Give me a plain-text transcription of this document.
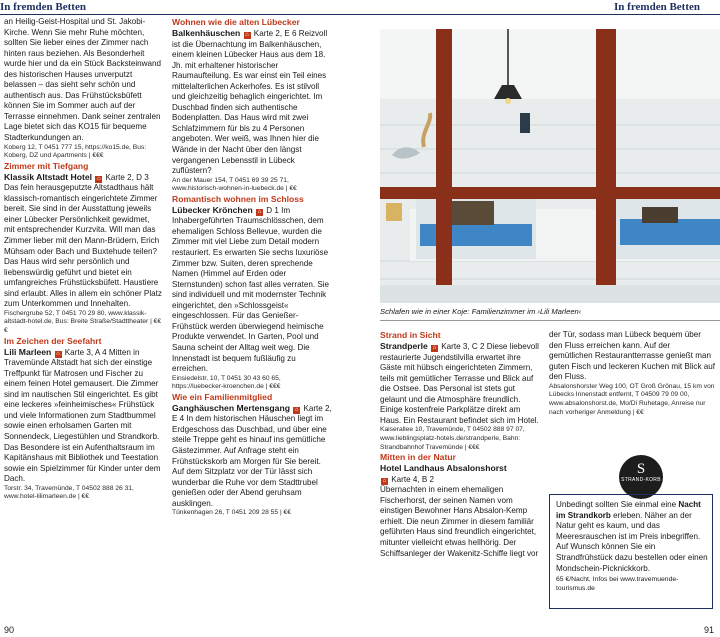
In fremden Betten	In fremden Betten

an Heilig-Geist-Hospital und St. Jakobi-Kirche. Wenn Sie mehr Ruhe möchten, sollten Sie lieber eines der Zimmer nach hinten raus beziehen. Als Besonderheit wurde hier und da ein Stück Backsteinwand des historischen Hauses unverputzt belassen – das sieht sehr schön und authentisch aus. Das Frühstücksbüfett können Sie im Sommer auch auf der Terrasse einnehmen. Dank seiner zentralen Lage bietet sich das KO15 für bequeme Stadterkundungen an.

Koberg 12, T 0451 777 15, https://ko15.de, Bus: Koberg, DZ und Apartments | €€€

Zimmer mit Tiefgang

Klassik Altstadt Hotel ⌂ Karte 2, D 3 Das fein herausgeputzte Altstadthaus hält klassisch-romantisch eingerichtete Zimmer bereit. Sie sind in der Ausstattung jeweils einer Lübecker Persönlichkeit gewidmet, mit entsprechender Kurzvita. Will man das Zimmer lieber mit den Mann-Brüdern, Erich Mühsam oder Bach und Buxtehude teilen? Das Haus wird sehr persönlich und liebenswürdig geführt und bietet ein umfangreiches Frühstücksbüfett. Haustiere sind erlaubt. Alles in allem ein schöner Platz zum Unterkommen und Innehalten.

Fischergrube 52, T 0451 70 29 80, www.klassik-altstadt-hotel.de, Bus: Breite Straße/Stadttheater | €€€

Im Zeichen der Seefahrt

Lili Marleen ⌂ Karte 3, A 4 Mitten in Travemünde Altstadt hat sich der einstige Treffpunkt für Matrosen und Fischer zu einem feinen Hotel gemausert. Die Zimmer sind im nautischen Stil eingerichtet. Es gibt eine leckeres »feinheimisches« Frühstück und viele Informationen zum Stadtbummel sowie einen erholsamen Garten mit Sonnendeck, Liegestühlen und Strandkorb. Das Besondere ist ein Aufenthaltsraum im Kapitänshaus mit Bibliothek und Teestation sowie ein Spielzimmer für Kinder unter dem Dach.

Torstr. 34, Travemünde, T 04502 888 26 31, www.hotel-lilimarleen.de | €€

Wohnen wie die alten Lübecker

Balkenhäuschen ⌂ Karte 2, E 6 Reizvoll ist die Übernachtung im Balkenhäuschen, einem kleinen Lübecker Haus aus dem 18. Jh. mit erhaltener historischer Raumaufteilung. Es war einst ein Teil eines mittelalterlichen Ackerhofes. Es ist stilvoll und gleichzeitig behaglich eingerichtet. Im Duschbad finden sich authentische Bodenplatten. Das Haus wird mit zwei Schlafzimmern für bis zu 4 Personen angeboten. Wer weiß, was Ihnen hier die Wände in der Nacht über den längst vergangenen Lebensstil in Lübeck zuflüstern?

An der Mauer 154, T 0451 69 39 25 71, www.historisch-wohnen-in-luebeck.de | €€

Romantisch wohnen im Schloss

Lübecker Krönchen ⌂ D 1 Im Inhabergeführten Traumschlösschen, dem ehemaligen Schloss Bellevue, wurden die Zimmer mit viel Liebe zum Detail modern restauriert. Es erwarten Sie sechs luxuriöse Zimmer bzw. Suiten, deren sprechende Namen (Himmel auf Erden oder Sternstunden) schon fast alles verraten. Sie sind individuell und mit modernster Technik eingerichtet, den »Schlossgeist« eingeschlossen. Für das Genießer-Frühstück werden überwiegend heimische Produkte verwendet. In Garten, Pool und Sauna scheint der Alltag weit weg. Die Innenstadt ist bequem fußläufig zu erreichen.

Einsiedelstr. 10, T 0451 30 43 60 65, https://luebecker-kroenchen.de | €€€

Wie ein Familienmitglied

Ganghäuschen Mertensgang ⌂ Karte 2, E 4 In dem historischen Häuschen liegt im Erdgeschoss das Duschbad, und über eine steile Treppe geht es hinauf ins gemütliche Gästezimmer. Auf Anfrage steht ein Frühstückskorb am Morgen für Sie bereit. Auf dem Sitzplatz vor der Tür lässt sich wunderbar die Ruhe vor dem Stadttrubel genießen oder der Abend geruhsam ausklingen.

Tünkenhagen 26, T 0451 209 28 55 | €€

Schlafen wie in einer Koje: Familienzimmer im ›Lili Marleen‹

Strand in Sicht

Strandperle ⌂ Karte 3, C 2 Diese liebevoll restaurierte Jugendstilvilla erwartet ihre Gäste mit hübsch eingerichteten Zimmern, teils mit gemütlicher Terrasse und Blick auf die Ostsee. Das Personal ist stets gut gelaunt und die Atmosphäre freundlich. Einige kostenfreie Parkplätze direkt am Haus. Ein Restaurant befindet sich im Hotel.

Kaiserallee 10, Travemünde, T 04502 888 97 07, www.lieblingsplatz-hotels.de/strandperle, Bahn: Strandbahnhof Travemünde | €€€

Mitten in der Natur

Hotel Landhaus Absalonshorst
⌂ Karte 4, B 2
Übernachten in einem ehemaligen Fischerhorst, der seinen Namen vom einstigen Bewohner Hans Absalon-Kemp erhielt. Die neun Zimmer in diesem familiär geführten Haus sind freundlich eingerichtet, mitunter vielleicht etwas hellhörig. Der Schiffsanleger der Wakenitz-Schiffe liegt vor

der Tür, sodass man Lübeck bequem über den Fluss erreichen kann. Auf der gemütlichen Restaurantterrasse genießt man guten Fisch und leckeren Kuchen mit Blick auf den Fluss.

Absalonshorster Weg 100, OT Groß Grönau, 15 km von Lübecks Innenstadt entfernt, T 04509 79 09 00, www.absalonshorst.de, Mo/Di Ruhetage, Anreise nur nach vorheriger Anmeldung | €€

S
STRAND-KORB
Unbedingt sollten Sie einmal eine Nacht im Strandkorb erleben. Näher an der Natur geht es kaum, und das Meeresrauschen ist im Preis inbegriffen. Auf Wunsch können Sie ein Strandfrühstück dazu bestellen oder einen Mondschein-Picknickkorb.
65 €/Nacht, Infos bei www.travemuende-tourismus.de
90	91
